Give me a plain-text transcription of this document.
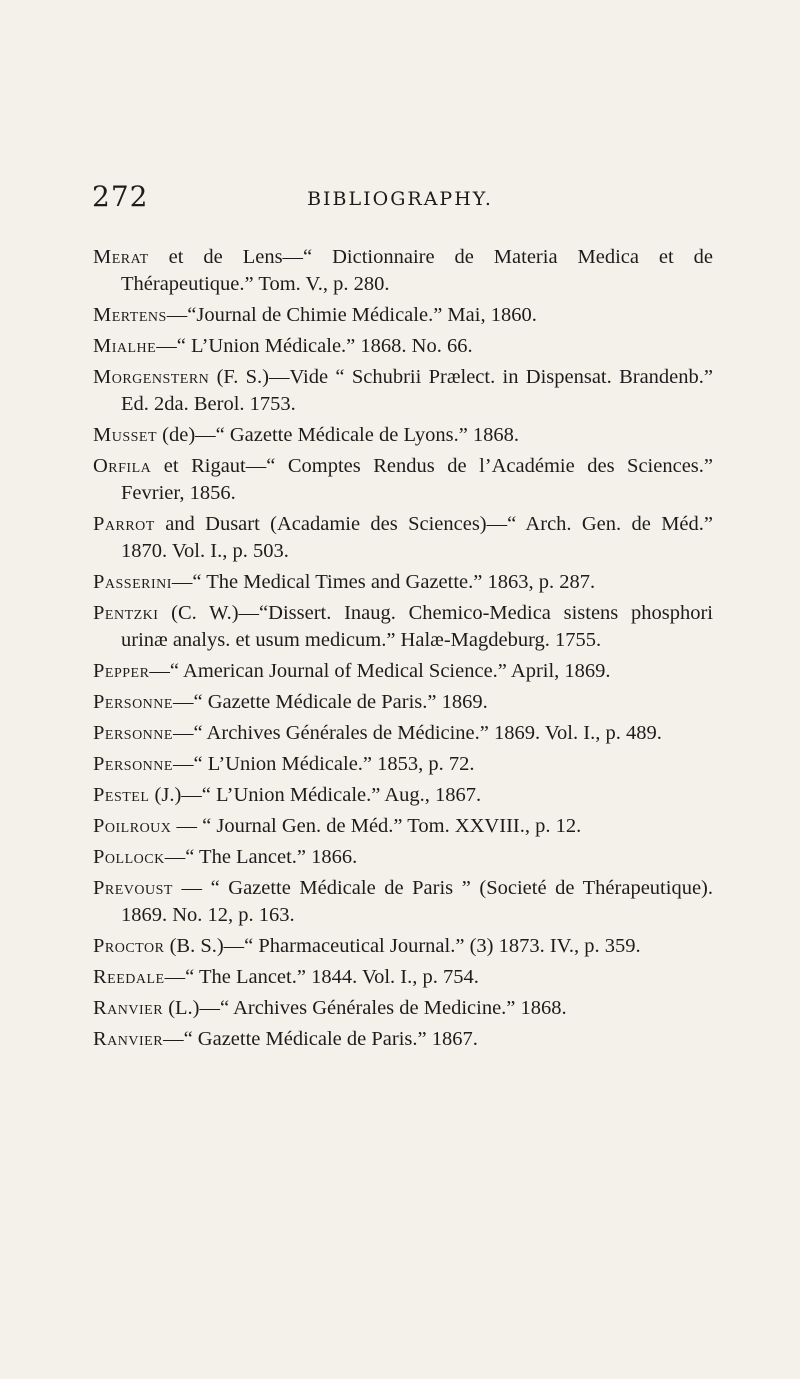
272	BIBLIOGRAPHY.

Merat et de Lens—“ Dictionnaire de Materia Medica et de Thérapeutique.” Tom. V., p. 280.

Mertens—“Journal de Chimie Médicale.” Mai, 1860.

Mialhe—“ L’Union Médicale.” 1868. No. 66.

Morgenstern (F. S.)—Vide “ Schubrii Prælect. in Dispensat. Brandenb.” Ed. 2da. Berol. 1753.

Musset (de)—“ Gazette Médicale de Lyons.” 1868.

Orfila et Rigaut—“ Comptes Rendus de l’Académie des Sciences.” Fevrier, 1856.

Parrot and Dusart (Acadamie des Sciences)—“ Arch. Gen. de Méd.” 1870. Vol. I., p. 503.

Passerini—“ The Medical Times and Gazette.” 1863, p. 287.

Pentzki (C. W.)—“Dissert. Inaug. Chemico-Medica sistens phosphori urinæ analys. et usum medicum.” Halæ-Magdeburg. 1755.

Pepper—“ American Journal of Medical Science.” April, 1869.

Personne—“ Gazette Médicale de Paris.” 1869.

Personne—“ Archives Générales de Médicine.” 1869. Vol. I., p. 489.

Personne—“ L’Union Médicale.” 1853, p. 72.

Pestel (J.)—“ L’Union Médicale.” Aug., 1867.

Poilroux — “ Journal Gen. de Méd.” Tom. XXVIII., p. 12.

Pollock—“ The Lancet.” 1866.

Prevoust — “ Gazette Médicale de Paris ” (Societé de Thérapeutique). 1869. No. 12, p. 163.

Proctor (B. S.)—“ Pharmaceutical Journal.” (3) 1873. IV., p. 359.

Reedale—“ The Lancet.” 1844. Vol. I., p. 754.

Ranvier (L.)—“ Archives Générales de Medicine.” 1868.

Ranvier—“ Gazette Médicale de Paris.” 1867.
